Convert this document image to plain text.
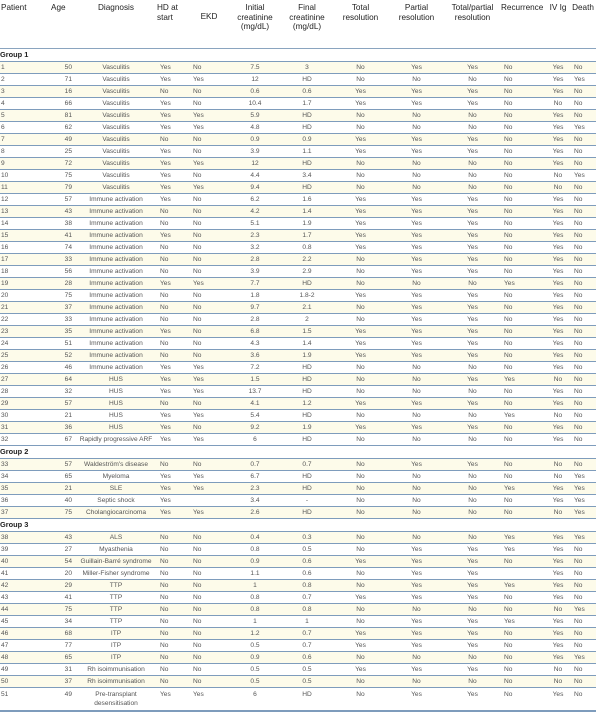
Patient	Age	Diagnosis	HD at start	EKD	Initial creatinine (mg/dL)	Final creatinine (mg/dL)	Total resolution	Partial resolution	Total/partial resolution	Recurrence	IV Ig	Death
Group 1												
1	50	Vasculitis	Yes	No	7.5	3	No	Yes	Yes	No	Yes	No
2	71	Vasculitis	Yes	Yes	12	HD	No	No	No	No	Yes	Yes
3	16	Vasculitis	No	No	0.6	0.6	Yes	Yes	Yes	No	Yes	No
4	66	Vasculitis	Yes	No	10.4	1.7	Yes	Yes	Yes	No	No	No
5	81	Vasculitis	Yes	Yes	5.9	HD	No	No	No	No	Yes	No
6	62	Vasculitis	Yes	Yes	4.8	HD	No	No	No	No	Yes	Yes
7	49	Vasculitis	No	No	0.9	0.9	Yes	Yes	Yes	No	Yes	No
8	25	Vasculitis	Yes	No	3.9	1.1	Yes	Yes	Yes	No	Yes	No
9	72	Vasculitis	Yes	Yes	12	HD	No	No	No	No	Yes	No
10	75	Vasculitis	Yes	No	4.4	3.4	No	No	No	No	No	Yes
11	79	Vasculitis	Yes	Yes	9.4	HD	No	No	No	No	No	No
12	57	Immune activation	Yes	No	6.2	1.6	Yes	Yes	Yes	No	Yes	No
13	43	Immune activation	No	No	4.2	1.4	Yes	Yes	Yes	No	Yes	No
14	38	Immune activation	No	No	5.1	1.9	Yes	Yes	Yes	No	Yes	No
15	41	Immune activation	Yes	No	2.3	1.7	Yes	Yes	Yes	No	Yes	No
16	74	Immune activation	No	No	3.2	0.8	Yes	Yes	Yes	No	Yes	No
17	33	Immune activation	No	No	2.8	2.2	No	Yes	Yes	No	Yes	No
18	56	Immune activation	No	No	3.9	2.9	No	Yes	Yes	No	Yes	No
19	28	Immune activation	Yes	Yes	7.7	HD	No	No	No	Yes	Yes	No
20	75	Immune activation	No	No	1.8	1.8-2	Yes	Yes	Yes	No	Yes	No
21	37	Immune activation	No	No	9.7	2.1	No	Yes	Yes	No	Yes	No
22	33	Immune activation	No	No	2.8	2	No	Yes	Yes	No	Yes	No
23	35	Immune activation	Yes	No	6.8	1.5	Yes	Yes	Yes	No	Yes	No
24	51	Immune activation	No	No	4.3	1.4	Yes	Yes	Yes	No	Yes	No
25	52	Immune activation	No	No	3.6	1.9	Yes	Yes	Yes	No	Yes	No
26	46	Immune activation	Yes	Yes	7.2	HD	No	No	No	No	Yes	No
27	64	HUS	Yes	Yes	1.5	HD	No	No	Yes	Yes	No	No
28	32	HUS	Yes	Yes	13.7	HD	No	No	No	No	Yes	No
29	57	HUS	No	No	4.1	1.2	Yes	Yes	Yes	No	Yes	No
30	21	HUS	Yes	Yes	5.4	HD	No	No	No	Yes	No	No
31	36	HUS	Yes	No	9.2	1.9	Yes	Yes	Yes	No	Yes	No
32	67	Rapidly progressive ARF	Yes	Yes	6	HD	No	No	No	No	Yes	No
Group 2												
33	57	Waldeström's disease	No	No	0.7	0.7	No	Yes	Yes	No	No	No
34	65	Myeloma	Yes	Yes	6.7	HD	No	No	No	No	No	Yes
35	21	SLE	Yes	Yes	2.3	HD	No	No	No	Yes	Yes	Yes
36	40	Septic shock	Yes		3.4	-	No	No	No	No	Yes	Yes
37	75	Cholangiocarcinoma	Yes	Yes	2.6	HD	No	No	No	No	No	Yes
Group 3												
38	43	ALS	No	No	0.4	0.3	No	No	No	Yes	Yes	Yes
39	27	Myasthenia	No	No	0.8	0.5	No	Yes	Yes	Yes	Yes	No
40	54	Guillain-Barré syndrome	No	No	0.9	0.6	Yes	Yes	Yes	No	Yes	No
41	20	Miller-Fisher syndrome	No	No	1.1	0.6	No	Yes	Yes		Yes	No
42	29	TTP	No	No	1	0.8	No	Yes	Yes	Yes	Yes	No
43	41	TTP	No	No	0.8	0.7	Yes	Yes	Yes	No	Yes	No
44	75	TTP	No	No	0.8	0.8	No	No	No	No	No	Yes
45	34	TTP	No	No	1	1	No	Yes	Yes	Yes	Yes	No
46	68	ITP	No	No	1.2	0.7	Yes	Yes	Yes	No	Yes	No
47	77	ITP	No	No	0.5	0.7	Yes	Yes	Yes	No	Yes	No
48	65	ITP	No	No	0.9	0.6	No	No	No	No	Yes	Yes
49	31	Rh isoimmunisation	No	No	0.5	0.5	Yes	Yes	Yes	No	No	No
50	37	Rh isoimmunisation	No	No	0.5	0.5	No	No	No	No	No	No
51	49	Pre-transplant desensitisation	Yes	Yes	6	HD	No	Yes	Yes	No	Yes	No
